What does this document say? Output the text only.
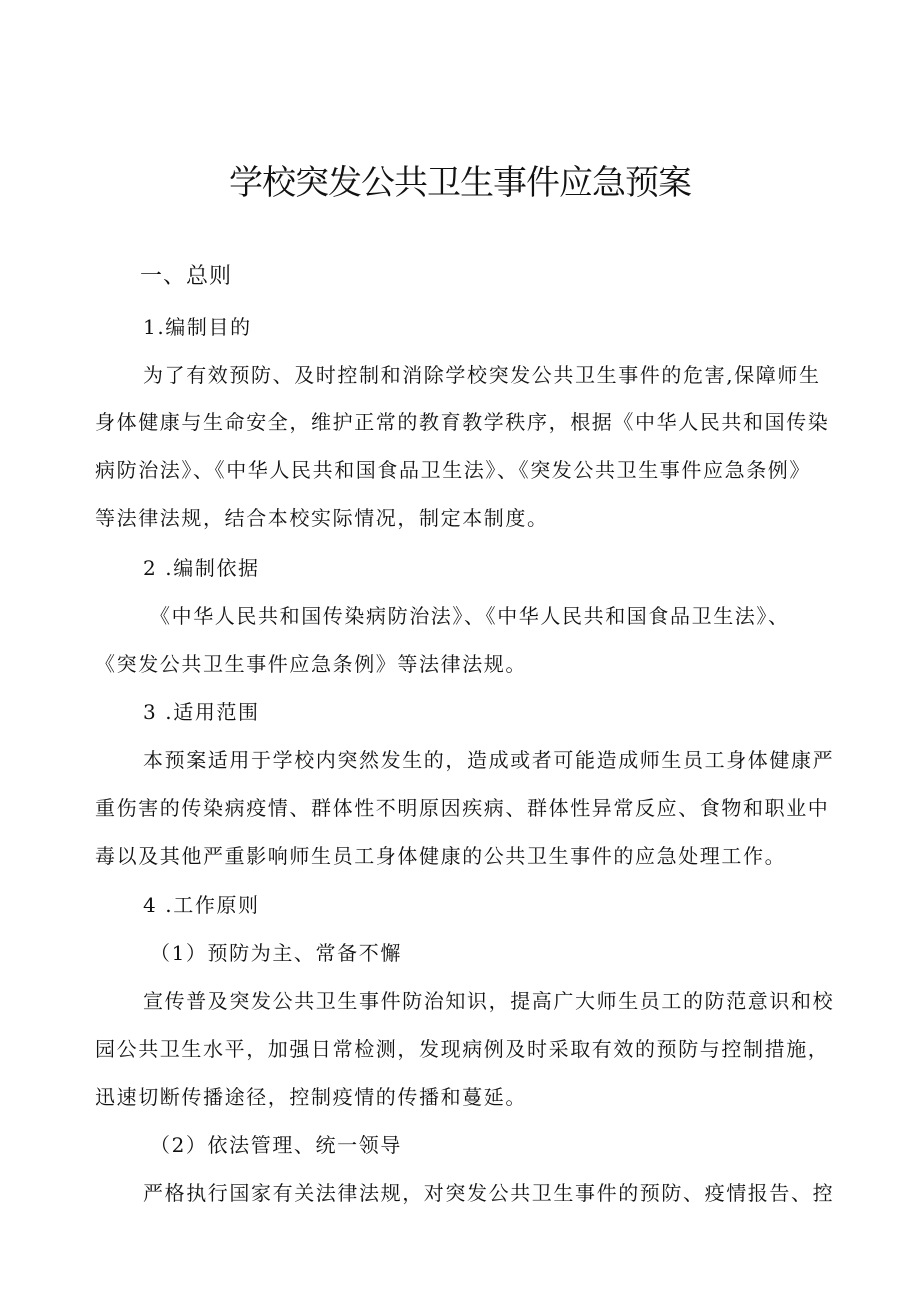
学校突发公共卫生事件应急预案

一、总则

1.编制目的

为了有效预防、及时控制和消除学校突发公共卫生事件的危害,保障师生

身体健康与生命安全，维护正常的教育教学秩序，根据《中华人民共和国传染

病防治法》、《中华人民共和国食品卫生法》、《突发公共卫生事件应急条例》

等法律法规，结合本校实际情况，制定本制度。

2 .编制依据

《中华人民共和国传染病防治法》、《中华人民共和国食品卫生法》、

《突发公共卫生事件应急条例》等法律法规。

3 .适用范围

本预案适用于学校内突然发生的，造成或者可能造成师生员工身体健康严

重伤害的传染病疫情、群体性不明原因疾病、群体性异常反应、食物和职业中

毒以及其他严重影响师生员工身体健康的公共卫生事件的应急处理工作。

4 .工作原则

（1）预防为主、常备不懈

宣传普及突发公共卫生事件防治知识，提高广大师生员工的防范意识和校

园公共卫生水平，加强日常检测，发现病例及时采取有效的预防与控制措施，

迅速切断传播途径，控制疫情的传播和蔓延。

（2）依法管理、统一领导

严格执行国家有关法律法规，对突发公共卫生事件的预防、疫情报告、控
